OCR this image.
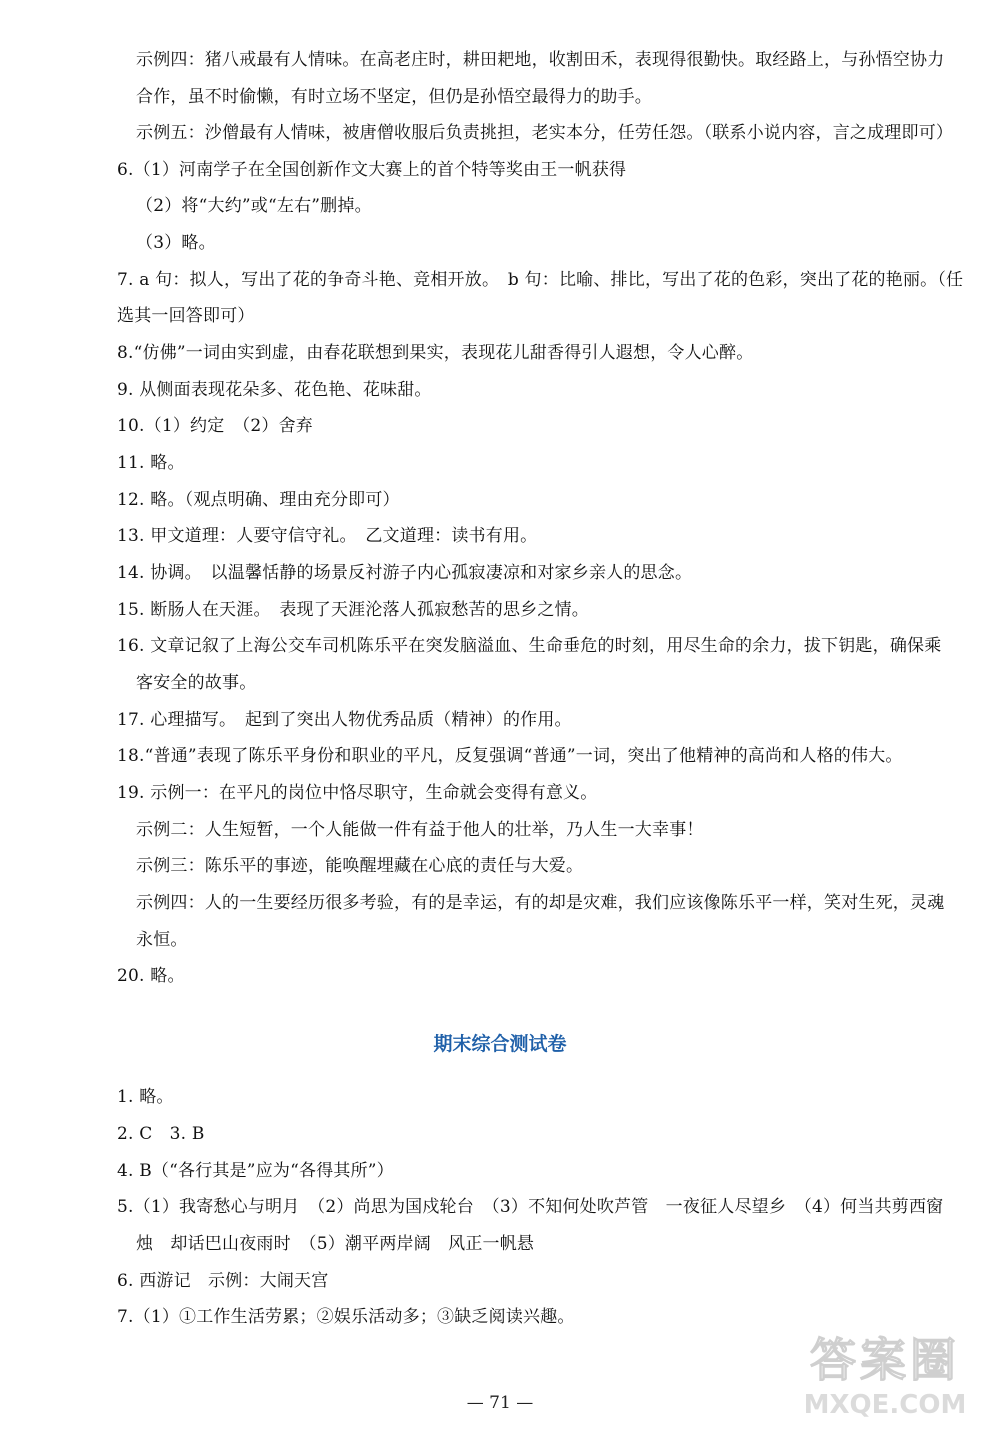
示例四：猪八戒最有人情味。在高老庄时，耕田耙地，收割田禾，表现得很勤快。取经路上，与孙悟空协力
合作，虽不时偷懒，有时立场不坚定，但仍是孙悟空最得力的助手。
示例五：沙僧最有人情味，被唐僧收服后负责挑担，老实本分，任劳任怨。（联系小说内容，言之成理即可）
6.（1）河南学子在全国创新作文大赛上的首个特等奖由王一帆获得
（2）将“大约”或“左右”删掉。
（3）略。
7. a 句：拟人，写出了花的争奇斗艳、竞相开放。　b 句：比喻、排比，写出了花的色彩，突出了花的艳丽。（任
选其一回答即可）
8.“仿佛”一词由实到虚，由春花联想到果实，表现花儿甜香得引人遐想，令人心醉。
9. 从侧面表现花朵多、花色艳、花味甜。
10.（1）约定　（2）舍弃
11. 略。
12. 略。（观点明确、理由充分即可）
13. 甲文道理：人要守信守礼。　乙文道理：读书有用。
14. 协调。　以温馨恬静的场景反衬游子内心孤寂凄凉和对家乡亲人的思念。
15. 断肠人在天涯。　表现了天涯沦落人孤寂愁苦的思乡之情。
16. 文章记叙了上海公交车司机陈乐平在突发脑溢血、生命垂危的时刻，用尽生命的余力，拔下钥匙，确保乘
客安全的故事。
17. 心理描写。　起到了突出人物优秀品质（精神）的作用。
18.“普通”表现了陈乐平身份和职业的平凡，反复强调“普通”一词，突出了他精神的高尚和人格的伟大。
19. 示例一：在平凡的岗位中恪尽职守，生命就会变得有意义。
示例二：人生短暂，一个人能做一件有益于他人的壮举，乃人生一大幸事！
示例三：陈乐平的事迹，能唤醒埋藏在心底的责任与大爱。
示例四：人的一生要经历很多考验，有的是幸运，有的却是灾难，我们应该像陈乐平一样，笑对生死，灵魂
永恒。
20. 略。
期末综合测试卷
1. 略。
2. C　3. B
4. B（“各行其是”应为“各得其所”）
5.（1）我寄愁心与明月　（2）尚思为国戍轮台　（3）不知何处吹芦管　一夜征人尽望乡　（4）何当共剪西窗
烛　却话巴山夜雨时　（5）潮平两岸阔　风正一帆悬
6. 西游记　示例：大闹天宫
7.（1）①工作生活劳累；②娱乐活动多；③缺乏阅读兴趣。
— 71 —
答案圈
MXQE.COM
